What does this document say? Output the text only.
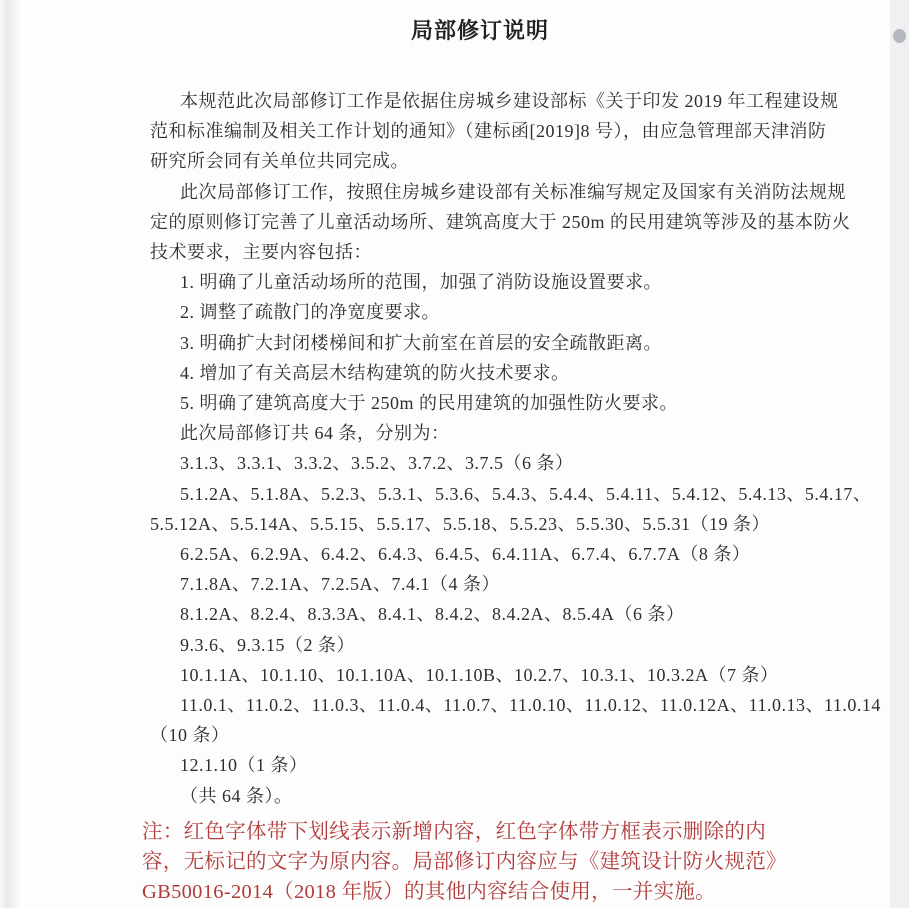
局部修订说明
本规范此次局部修订工作是依据住房城乡建设部标《关于印发 2019 年工程建设规
范和标准编制及相关工作计划的通知》（建标函[2019]8 号），由应急管理部天津消防
研究所会同有关单位共同完成。
此次局部修订工作，按照住房城乡建设部有关标准编写规定及国家有关消防法规规
定的原则修订完善了儿童活动场所、建筑高度大于 250m 的民用建筑等涉及的基本防火
技术要求，主要内容包括：
1. 明确了儿童活动场所的范围，加强了消防设施设置要求。
2. 调整了疏散门的净宽度要求。
3. 明确扩大封闭楼梯间和扩大前室在首层的安全疏散距离。
4. 增加了有关高层木结构建筑的防火技术要求。
5. 明确了建筑高度大于 250m 的民用建筑的加强性防火要求。
此次局部修订共 64 条，分别为：
3.1.3、3.3.1、3.3.2、3.5.2、3.7.2、3.7.5（6 条）
5.1.2A、5.1.8A、5.2.3、5.3.1、5.3.6、5.4.3、5.4.4、5.4.11、5.4.12、5.4.13、5.4.17、
5.5.12A、5.5.14A、5.5.15、5.5.17、5.5.18、5.5.23、5.5.30、5.5.31（19 条）
6.2.5A、6.2.9A、6.4.2、6.4.3、6.4.5、6.4.11A、6.7.4、6.7.7A（8 条）
7.1.8A、7.2.1A、7.2.5A、7.4.1（4 条）
8.1.2A、8.2.4、8.3.3A、8.4.1、8.4.2、8.4.2A、8.5.4A（6 条）
9.3.6、9.3.15（2 条）
10.1.1A、10.1.10、10.1.10A、10.1.10B、10.2.7、10.3.1、10.3.2A（7 条）
11.0.1、11.0.2、11.0.3、11.0.4、11.0.7、11.0.10、11.0.12、11.0.12A、11.0.13、11.0.14
（10 条）
12.1.10（1 条）
（共 64 条）。
注：红色字体带下划线表示新增内容，红色字体带方框表示删除的内
容，无标记的文字为原内容。局部修订内容应与《建筑设计防火规范》
GB50016-2014（2018 年版）的其他内容结合使用，一并实施。
